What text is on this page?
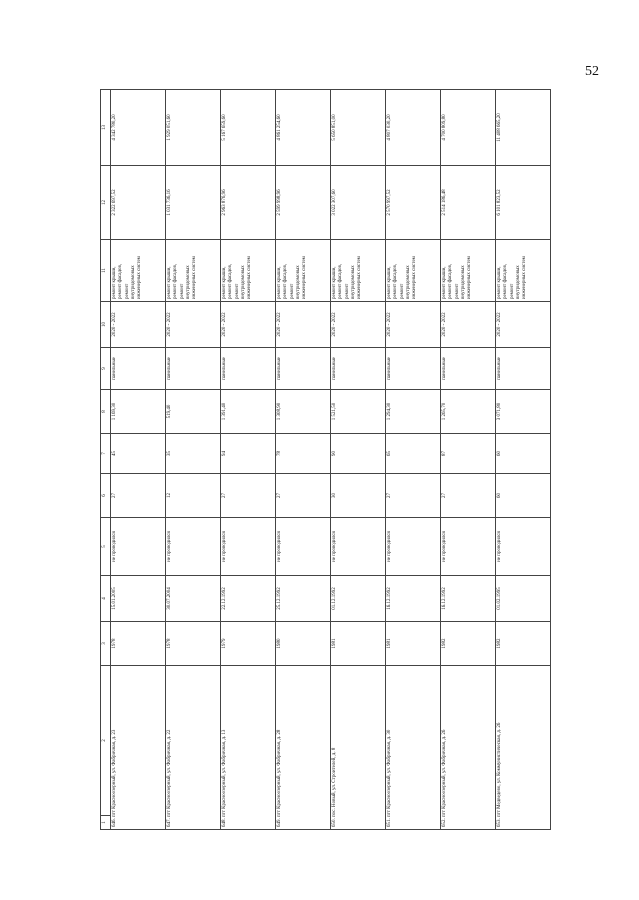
52
1	2	3	4	5	6	7	8	9	10	11	12	13
646. пгт Красноозерный, ул. Фабричная, д. 23		1978	15.01.2005	не проводился	27	45	1 169,30	панельные	2020 - 2022	ремонт крыши,
ремонт фасадов,
ремонт
внутридомовых
инженерных систем	2 322 697,52	4 342 780,20
647. пгт Красноозерный, ул. Фабричная, д. 22		1978	30.07.2004	не проводился	12	35	519,40	панельные	2020 - 2022	ремонт крыши,
ремонт фасадов,
ремонт
внутридомовых
инженерных систем	1 031 736,16	1 929 051,60
648. пгт Красноозерный, ул. Фабричная, д. 13		1979	22.12.1992	не проводился	27	94	1 391,40	панельные	2020 - 2022	ремонт крыши,
ремонт фасадов,
ремонт
внутридомовых
инженерных систем	2 963 876,96	5 167 659,60
649. пгт Красноозерный, ул. Фабричная, д. 28		1980	25.12.1992	не проводился	27	78	1 308,90	панельные	2020 - 2022	ремонт крыши,
ремонт фасадов,
ремонт
внутридомовых
инженерных систем	2 599 998,96	4 861 254,60
650. пос. Новый, ул. Строителей, д. 8		1981	01.12.1992	не проводился	30	90	1 521,50	панельные	2020 - 2022	ремонт крыши,
ремонт фасадов,
ремонт
внутридомовых
инженерных систем	3 022 307,60	5 650 851,00
651. пгт Красноозерный, ул. Фабричная, д. 30		1981	16.12.1992	не проводился	27	65	1 294,30	панельные	2020 - 2022	ремонт крыши,
ремонт фасадов,
ремонт
внутридомовых
инженерных систем	2 570 997,52	4 807 030,20
652. пгт Красноозерный, ул. Фабричная, д. 26		1982	16.12.1992	не проводился	27	87	1 265,70	панельные	2020 - 2022	ремонт крыши,
ремонт фасадов,
ремонт
внутридомовых
инженерных систем	2 514 186,48	4 700 809,80
653. пгт Медведево, ул. Коммунистическая, д. 26		1982	01.02.1995	не проводился	60	60	3 071,80	панельные	2020 - 2022	ремонт крыши,
ремонт фасадов,
ремонт
внутридомовых
инженерных систем	6 101 823,52	11 408 665,20
